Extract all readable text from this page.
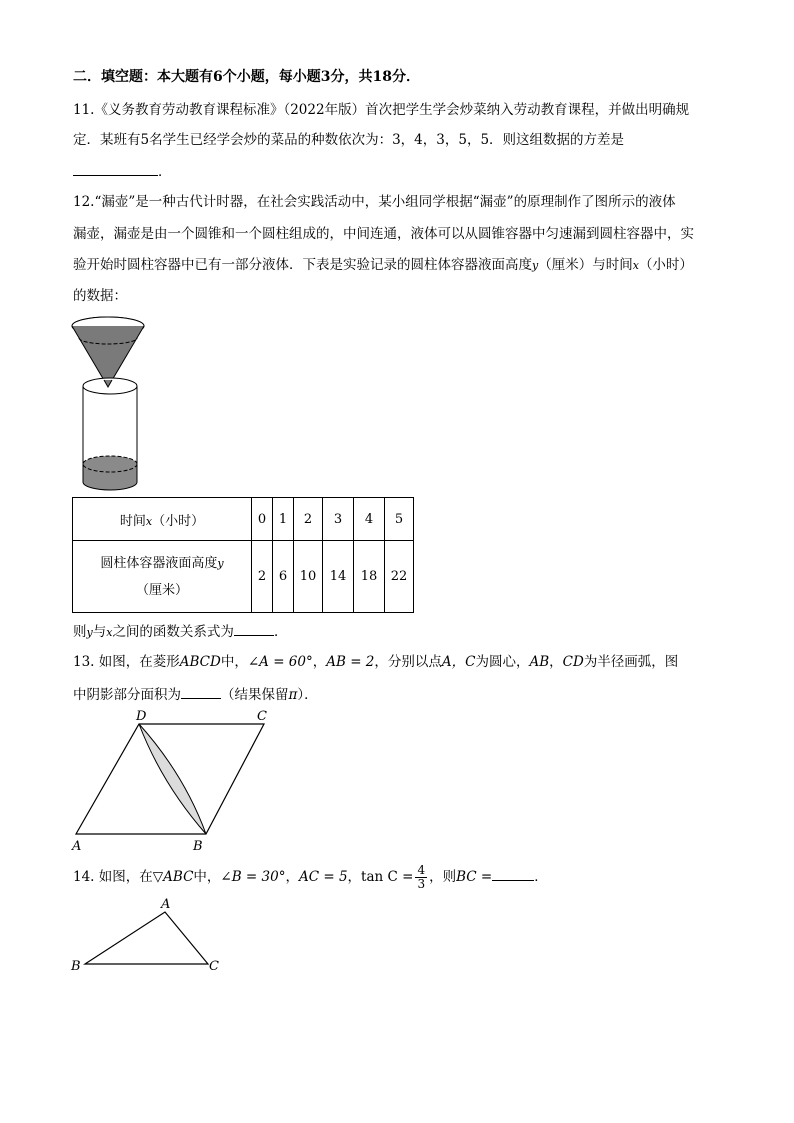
二．填空题：本大题有6个小题，每小题3分，共18分．
11.《义务教育劳动教育课程标准》（2022年版）首次把学生学会炒菜纳入劳动教育课程，并做出明确规
定．某班有5名学生已经学会炒的菜品的种数依次为：3，4，3，5，5．则这组数据的方差是
．
12.“漏壶”是一种古代计时器，在社会实践活动中，某小组同学根据“漏壶”的原理制作了图所示的液体
漏壶，漏壶是由一个圆锥和一个圆柱组成的，中间连通，液体可以从圆锥容器中匀速漏到圆柱容器中，实
验开始时圆柱容器中已有一部分液体．下表是实验记录的圆柱体容器液面高度y（厘米）与时间x（小时）
的数据：
时间x（小时）	0	1	2	3	4	5
圆柱体容器液面高度y
（厘米）	2	6	10	14	18	22
则y与x之间的函数关系式为	．
13. 如图，在菱形ABCD中，∠A = 60°，AB = 2，分别以点A，C为圆心，AB，CD为半径画弧，图
中阴影部分面积为	（结果保留π）．
D	C
A	B
14. 如图，在▽ABC中，∠B = 30°，AC = 5，$\tan C = \frac{4}{3}$ ，则BC =	．
A
B	C
